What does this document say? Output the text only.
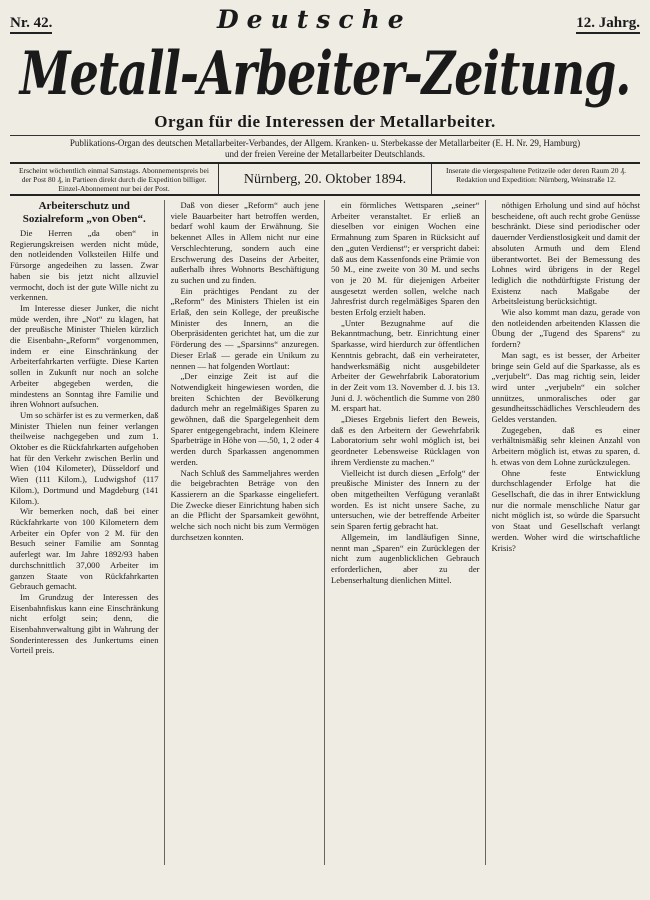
Nr. 42.	Deutsche	12. Jahrg.
Metall-Arbeiter-Zeitung.
Organ für die Interessen der Metallarbeiter.
Publikations-Organ des deutschen Metallarbeiter-Verbandes, der Allgem. Kranken- u. Sterbekasse der Metallarbeiter (E. H. Nr. 29, Hamburg)
und der freien Vereine der Metallarbeiter Deutschlands.
Erscheint wöchentlich einmal Samstags. Abonnementspreis bei der Post 80 ₰, in Partieen direkt durch die Expedition billiger. Einzel-Abonnement nur bei der Post.
Nürnberg, 20. Oktober 1894.
Inserate die viergespaltene Petitzeile oder deren Raum 20 ₰. Redaktion und Expedition: Nürnberg, Weinstraße 12.
Arbeiterschutz und Sozialreform „von Oben“.

Die Herren „da oben“ in Regierungskreisen werden nicht müde, den notleidenden Volksteilen Hilfe und Fürsorge angedeihen zu lassen. Zwar haben sie bis jetzt nicht allzuviel vermocht, doch ist der gute Wille nicht zu verkennen.

Im Interesse dieser Junker, die nicht müde werden, ihre „Not“ zu klagen, hat der preußische Minister Thielen kürzlich die Eisenbahn-„Reform“ vorgenommen, indem er eine Einschränkung der Arbeiterfahrkarten verfügte. Diese Karten sollen in Zukunft nur noch an solche Arbeiter abgegeben werden, die mindestens an Sonntag ihre Familie und ihren Wohnort aufsuchen.

Um so schärfer ist es zu vermerken, daß Minister Thielen nun feiner verlangen theilweise nachgegeben und zum 1. Oktober es die Rückfahrkarten aufgehoben hat für den Verkehr zwischen Berlin und Wien (104 Kilometer), Düsseldorf und Wien (111 Kilom.), Ludwigshof (117 Kilom.), Dortmund und Magdeburg (141 Kilom.).

Wir bemerken noch, daß bei einer Rückfahrkarte von 100 Kilometern dem Arbeiter ein Opfer von 2 M. für den Besuch seiner Familie am Sonntag auferlegt war. Im Jahre 1892/93 haben durchschnittlich 37,000 Arbeiter im ganzen Staate von Rückfahrkarten Gebrauch gemacht.

Im Grundzug der Interessen des Eisenbahnfiskus kann eine Einschränkung nicht erfolgt sein; denn, die Eisenbahnverwaltung gibt in Wahrung der Sonderinteressen des Junkertums einen Vorteil preis.

Daß von dieser „Reform“ auch jene viele Bauarbeiter hart betroffen werden, bedarf wohl kaum der Erwähnung. Sie bekennet Alles in Allem nicht nur eine Verschlechterung, sondern auch eine Erschwerung des Daseins der Arbeiter, außerhalb ihres Wohnorts Beschäftigung zu suchen und zu finden.

Ein prächtiges Pendant zu der „Reform“ des Ministers Thielen ist ein Erlaß, den sein Kollege, der preußische Minister des Innern, an die Oberpräsidenten gerichtet hat, um die zur Förderung des — „Sparsinns“ anzuregen. Dieser Erlaß — gerade ein Unikum zu nennen — hat folgenden Wortlaut:

„Der einzige Zeit ist auf die Notwendigkeit hingewiesen worden, die breiten Schichten der Bevölkerung dadurch mehr an regelmäßiges Sparen zu gewöhnen, daß die Spargelegenheit dem Sparer entgegengebracht, indem Kleinere Sparbeträge in Höhe von —.50, 1, 2 oder 4 werden durch Sparkassen angenommen werden.

Nach Schluß des Sammeljahres werden die beigebrachten Beträge von den Kassierern an die Sparkasse eingeliefert. Die Zwecke dieser Einrichtung haben sich an die Pflicht der Sparsamkeit gewöhnt, welche sich noch nicht bis zum Vermögen durchsetzen konnten.

ein förmliches Wettsparen „seiner“ Arbeiter veranstaltet. Er erließ an dieselben vor einigen Wochen eine Ermahnung zum Sparen in Rücksicht auf den „guten Verdienst“; er verspricht dabei: daß aus dem Kassenfonds eine Prämie von 50 M., eine zweite von 30 M. und sechs von je 20 M. für diejenigen Arbeiter ausgesetzt werden sollen, welche nach Jahresfrist durch regelmäßiges Sparen den besten Erfolg erzielt haben.

„Unter Bezugnahme auf die Bekanntmachung, betr. Einrichtung einer Sparkasse, wird hierdurch zur öffentlichen Kenntnis gebracht, daß ein verheirateter, handwerksmäßig nicht ausgebildeter Arbeiter der Gewehrfabrik Laboratorium in der Zeit vom 13. November d. J. bis 13. Juni d. J. wöchentlich die Summe von 280 M. erspart hat.

„Dieses Ergebnis liefert den Beweis, daß es den Arbeitern der Gewehrfabrik Laboratorium sehr wohl möglich ist, bei geordneter Lebensweise Rücklagen von ihrem Verdienste zu machen.“

Vielleicht ist durch diesen „Erfolg“ der preußische Minister des Innern zu der oben mitgetheilten Verfügung veranlaßt worden. Es ist nicht unsere Sache, zu untersuchen, wie der betreffende Arbeiter sein Sparen fertig gebracht hat.

Allgemein, im landläufigen Sinne, nennt man „Sparen“ ein Zurücklegen der nicht zum augenblicklichen Gebrauch erforderlichen, aber zu der Lebenserhaltung dienlichen Mittel.

nöthigen Erholung und sind auf höchst bescheidene, oft auch recht grobe Genüsse beschränkt. Diese sind periodischer oder dauernder Verdienstlosigkeit und damit der absoluten Armuth und dem Elend überantwortet. Bei der Bemessung des Lohnes wird übrigens in der Regel lediglich die nothdürftigste Fristung der Existenz nach Maßgabe der Arbeitsleistung berücksichtigt.

Wie also kommt man dazu, gerade von den notleidenden arbeitenden Klassen die Übung der „Tugend des Sparens“ zu fordern?

Man sagt, es ist besser, der Arbeiter bringe sein Geld auf die Sparkasse, als es „verjubelt“. Das mag richtig sein, leider wird unter „verjubeln“ ein solcher unnützes, unmoralisches oder gar gesundheitsschädliches Verschleudern des Geldes verstanden.

Zugegeben, daß es einer verhältnismäßig sehr kleinen Anzahl von Arbeitern möglich ist, etwas zu sparen, d. h. etwas von dem Lohne zurückzulegen.

Ohne feste Entwicklung durchschlagender Erfolge hat die Gesellschaft, die das in ihrer Entwicklung nur die normale menschliche Natur gar nicht möglich ist, so würde die Sparsucht von Staat und Gesellschaft verlangt werden. Woher wird die wirtschaftliche Krisis?
